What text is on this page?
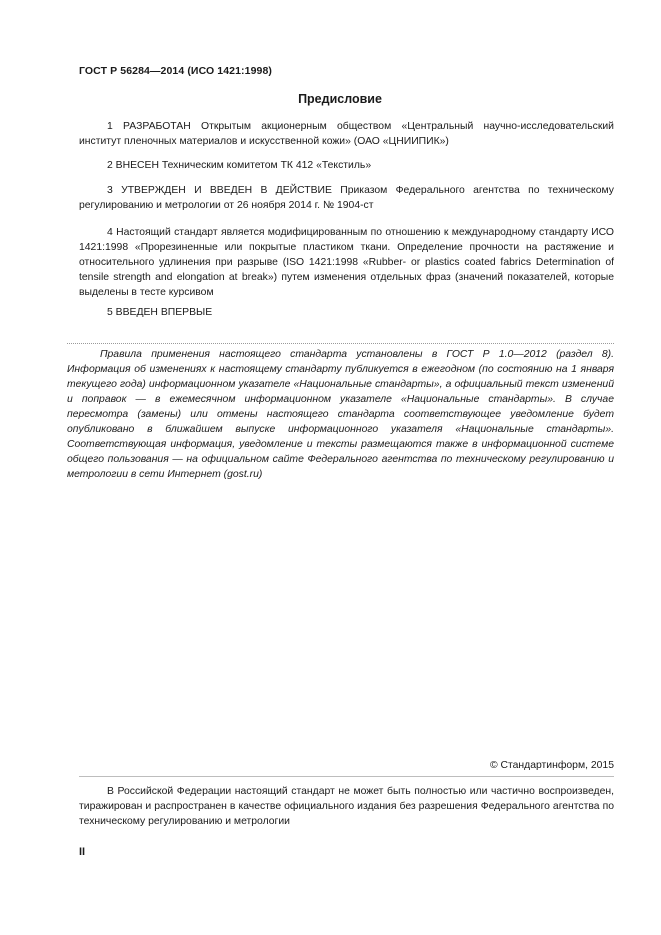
ГОСТ Р 56284—2014 (ИСО 1421:1998)
Предисловие
1 РАЗРАБОТАН Открытым акционерным обществом «Центральный научно-исследовательский институт пленочных материалов и искусственной кожи» (ОАО «ЦНИИПИК»)
2 ВНЕСЕН Техническим комитетом ТК 412 «Текстиль»
3 УТВЕРЖДЕН И ВВЕДЕН В ДЕЙСТВИЕ Приказом Федерального агентства по техническому регулированию и метрологии от 26 ноября 2014 г. № 1904-ст
4 Настоящий стандарт является модифицированным по отношению к международному стандарту ИСО 1421:1998 «Прорезиненные или покрытые пластиком ткани. Определение прочности на растяжение и относительного удлинения при разрыве (ISO 1421:1998 «Rubber- or plastics coated fabrics Determination of tensile strength and elongation at break») путем изменения отдельных фраз (значений показателей, которые выделены в тесте курсивом
5 ВВЕДЕН ВПЕРВЫЕ
Правила применения настоящего стандарта установлены в ГОСТ Р 1.0—2012 (раздел 8). Информация об изменениях к настоящему стандарту публикуется в ежегодном (по состоянию на 1 января текущего года) информационном указателе «Национальные стандарты», а официальный текст изменений и поправок — в ежемесячном информационном указателе «Национальные стандарты». В случае пересмотра (замены) или отмены настоящего стандарта соответствующее уведомление будет опубликовано в ближайшем выпуске информационного указателя «Национальные стандарты». Соответствующая информация, уведомление и тексты размещаются также в информационной системе общего пользования — на официальном сайте Федерального агентства по техническому регулированию и метрологии в сети Интернет (gost.ru)
© Стандартинформ, 2015
В Российской Федерации настоящий стандарт не может быть полностью или частично воспроизведен, тиражирован и распространен в качестве официального издания без разрешения Федерального агентства по техническому регулированию и метрологии
II
